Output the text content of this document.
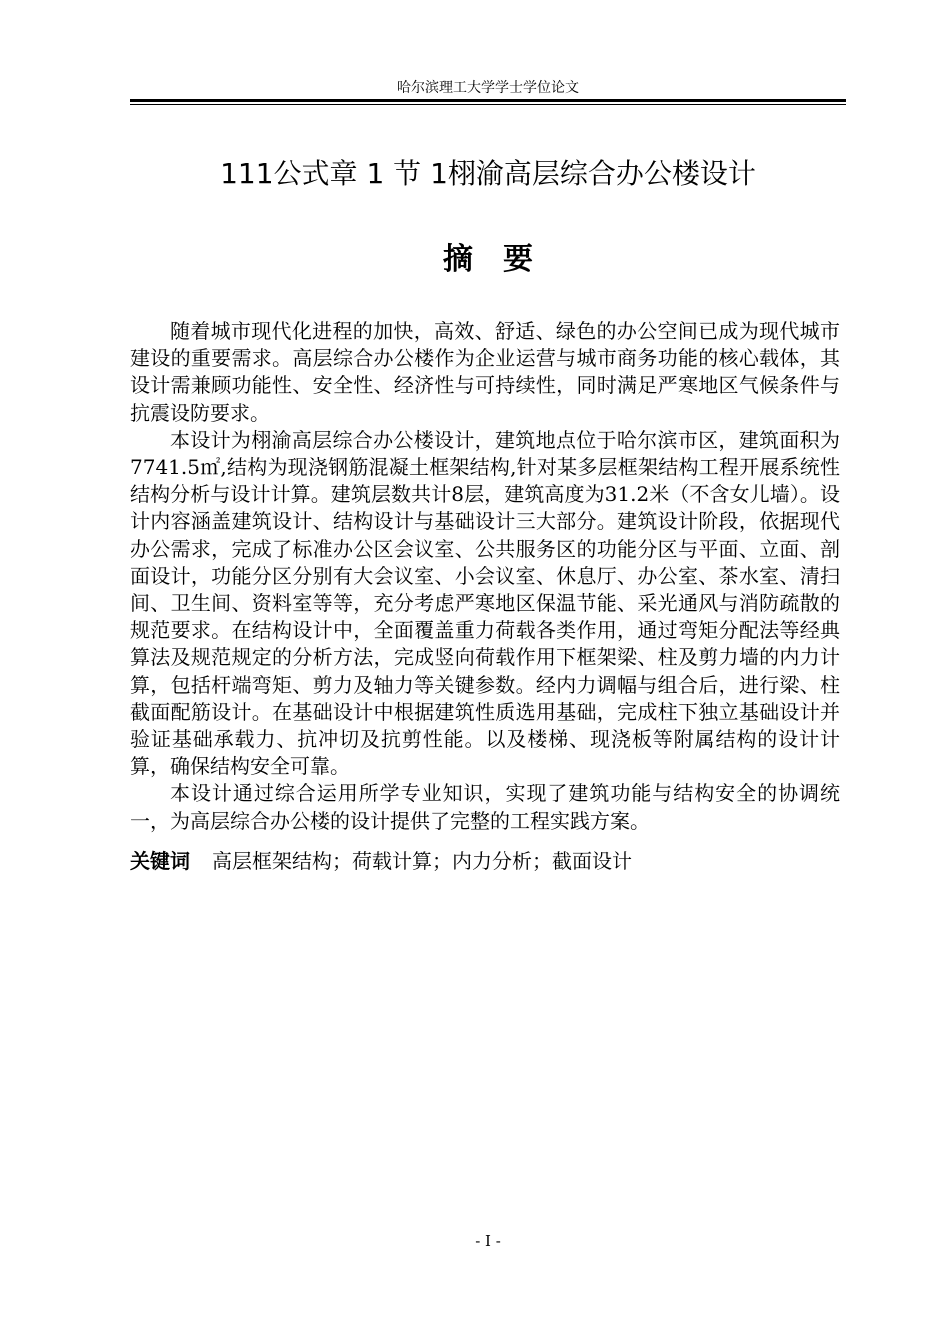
哈尔滨理工大学学士学位论文
111公式章 1 节 1栩渝高层综合办公楼设计
摘要

随着城市现代化进程的加快，高效、舒适、绿色的办公空间已成为现代城市建设的重要需求。高层综合办公楼作为企业运营与城市商务功能的核心载体，其设计需兼顾功能性、安全性、经济性与可持续性，同时满足严寒地区气候条件与抗震设防要求。

本设计为栩渝高层综合办公楼设计，建筑地点位于哈尔滨市区，建筑面积为7741.5㎡,结构为现浇钢筋混凝土框架结构,针对某多层框架结构工程开展系统性结构分析与设计计算。建筑层数共计8层，建筑高度为31.2米（不含女儿墙）。设计内容涵盖建筑设计、结构设计与基础设计三大部分。建筑设计阶段，依据现代办公需求，完成了标准办公区会议室、公共服务区的功能分区与平面、立面、剖面设计，功能分区分别有大会议室、小会议室、休息厅、办公室、茶水室、清扫间、卫生间、资料室等等，充分考虑严寒地区保温节能、采光通风与消防疏散的规范要求。在结构设计中，全面覆盖重力荷载各类作用，通过弯矩分配法等经典算法及规范规定的分析方法，完成竖向荷载作用下框架梁、柱及剪力墙的内力计算，包括杆端弯矩、剪力及轴力等关键参数。经内力调幅与组合后，进行梁、柱截面配筋设计。在基础设计中根据建筑性质选用基础，完成柱下独立基础设计并验证基础承载力、抗冲切及抗剪性能。以及楼梯、现浇板等附属结构的设计计算，确保结构安全可靠。

本设计通过综合运用所学专业知识，实现了建筑功能与结构安全的协调统一，为高层综合办公楼的设计提供了完整的工程实践方案。

关键词 高层框架结构；荷载计算；内力分析；截面设计
- I -
